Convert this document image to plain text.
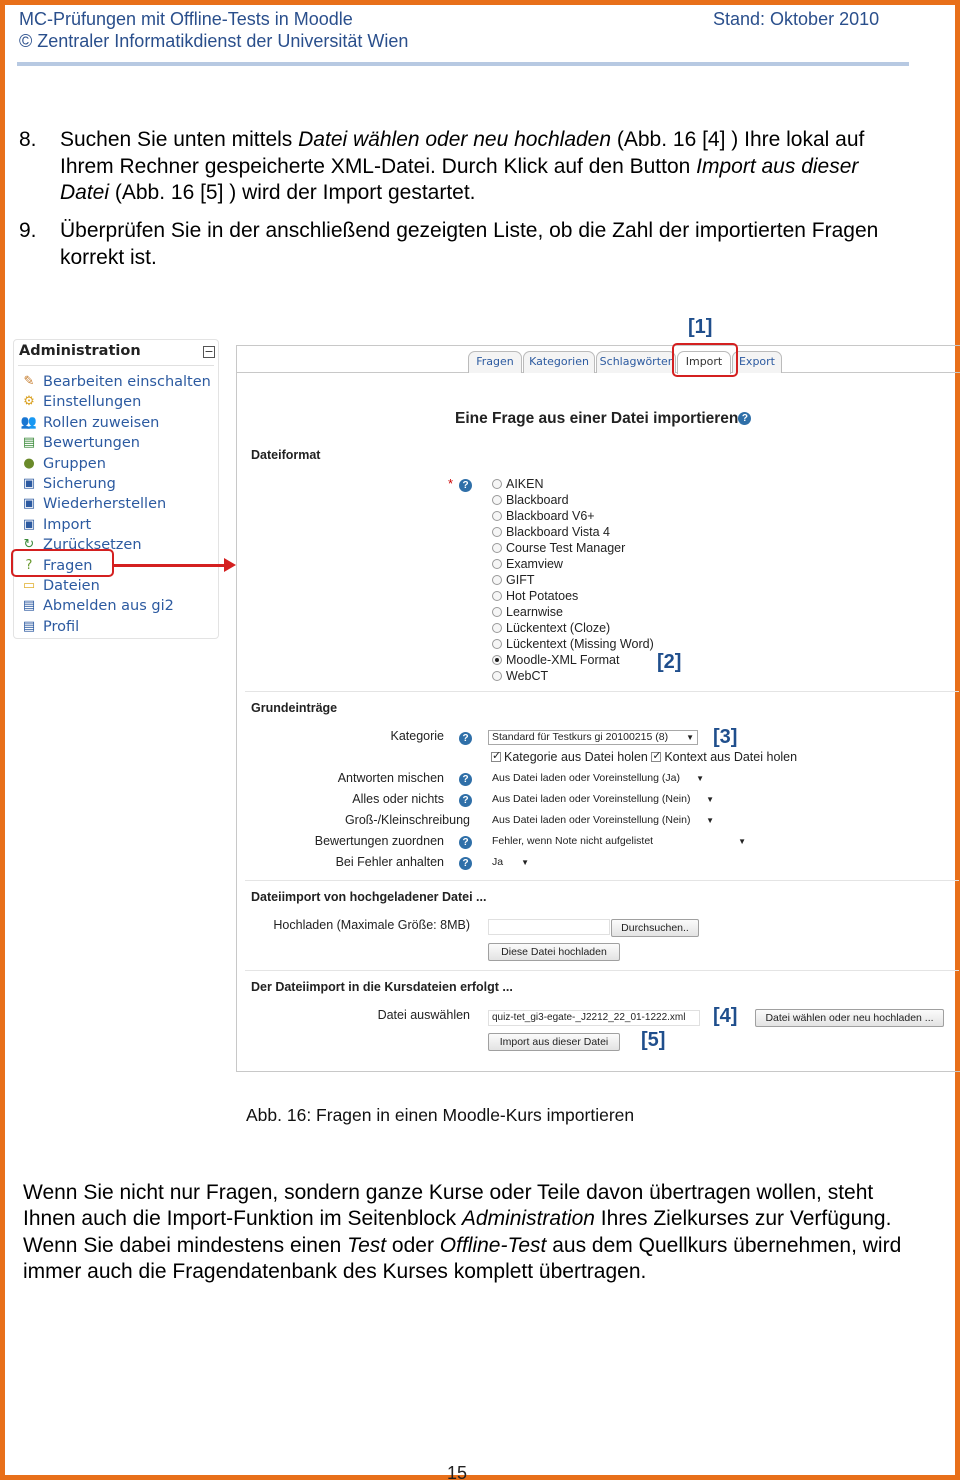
MC-Prüfungen mit Offline-Tests in Moodle
© Zentraler Informatikdienst der Universität Wien
Stand: Oktober 2010
8. Suchen Sie unten mittels Datei wählen oder neu hochladen (Abb. 16 [4] ) Ihre lokal auf Ihrem Rechner gespeicherte XML-Datei. Durch Klick auf den Button Import aus dieser Datei (Abb. 16 [5] ) wird der Import gestartet.
9. Überprüfen Sie in der anschließend gezeigten Liste, ob die Zahl der importierten Fragen korrekt ist.
Administration	−
✎ Bearbeiten einschalten
⚙ Einstellungen
👥 Rollen zuweisen
▤ Bewertungen
● Gruppen
▣ Sicherung
▣ Wiederherstellen
▣ Import
↻ Zurücksetzen
? Fragen
▭ Dateien
▤ Abmelden aus gi2
▤ Profil
Fragen	Kategorien Schlagwörter	Import	Export
[1]
Eine Frage aus einer Datei importieren ?
Dateiformat
* ?	AIKEN
Blackboard
Blackboard V6+
Blackboard Vista 4
Course Test Manager
Examview
GIFT
Hot Potatoes
Learnwise
Lückentext (Cloze)
Lückentext (Missing Word)
Moodle-XML Format
WebCT
[2]
Grundeinträge
Kategorie	?	Standard für Testkurs gi 20100215 (8) ▼ [3]
✓Kategorie aus Datei holen ✓ Kontext aus Datei holen
Antworten mischen	?	Aus Datei laden oder Voreinstellung (Ja) ▼
Alles oder nichts	?	Aus Datei laden oder Voreinstellung (Nein) ▼
Groß-/Kleinschreibung	Aus Datei laden oder Voreinstellung (Nein) ▼
Bewertungen zuordnen	?	Fehler, wenn Note nicht aufgelistet	▼
Bei Fehler anhalten	?	Ja ▼
Dateiimport von hochgeladener Datei ...
Hochladen (Maximale Größe: 8MB)	Durchsuchen..
Diese Datei hochladen
Der Dateiimport in die Kursdateien erfolgt ...
Datei auswählen	quiz-tet_gi3-egate-_J2212_22_01-1222.xml	[4]	Datei wählen oder neu hochladen ...
Import aus dieser Datei	[5]
Abb. 16: Fragen in einen Moodle-Kurs importieren
Wenn Sie nicht nur Fragen, sondern ganze Kurse oder Teile davon übertragen wollen, steht Ihnen auch die Import-Funktion im Seitenblock Administration Ihres Zielkurses zur Verfügung. Wenn Sie dabei mindestens einen Test oder Offline-Test aus dem Quellkurs übernehmen, wird immer auch die Fragendatenbank des Kurses komplett übertragen.
15
